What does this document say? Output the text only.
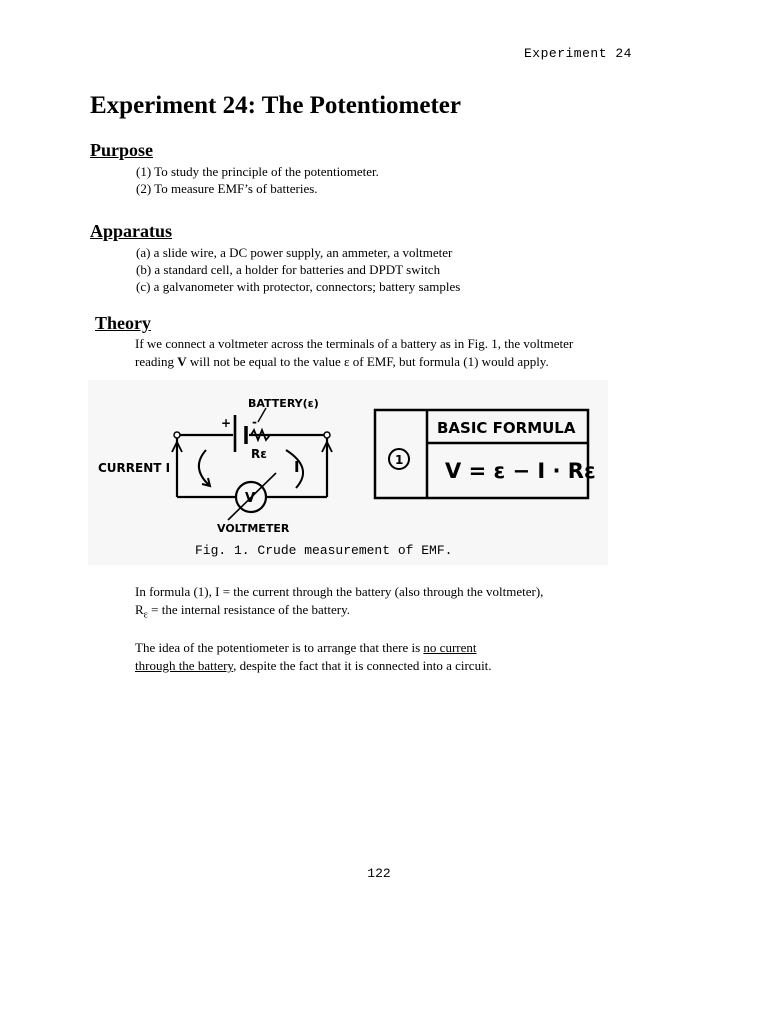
Experiment 24
Experiment 24: The Potentiometer
Purpose
(1) To study the principle of the potentiometer.
(2) To measure EMF’s of batteries.
Apparatus
(a) a slide wire, a DC power supply, an ammeter, a voltmeter
(b) a standard cell, a holder for batteries and DPDT switch
(c) a galvanometer with protector, connectors; battery samples
Theory
If we connect a voltmeter across the terminals of a battery as in Fig. 1, the voltmeter
reading V will not be equal to the value ε of EMF, but formula (1) would apply.
BATTERY(ε)
+ -
Rε
CURRENT I	I
V
VOLTMETER
Fig. 1. Crude measurement of EMF.
1
BASIC FORMULA
V = ε − I · Rε
In formula (1), I = the current through the battery (also through the voltmeter),
$R_\varepsilon$ = the internal resistance of the battery.
The idea of the potentiometer is to arrange that there is no current
through the battery, despite the fact that it is connected into a circuit.
122
